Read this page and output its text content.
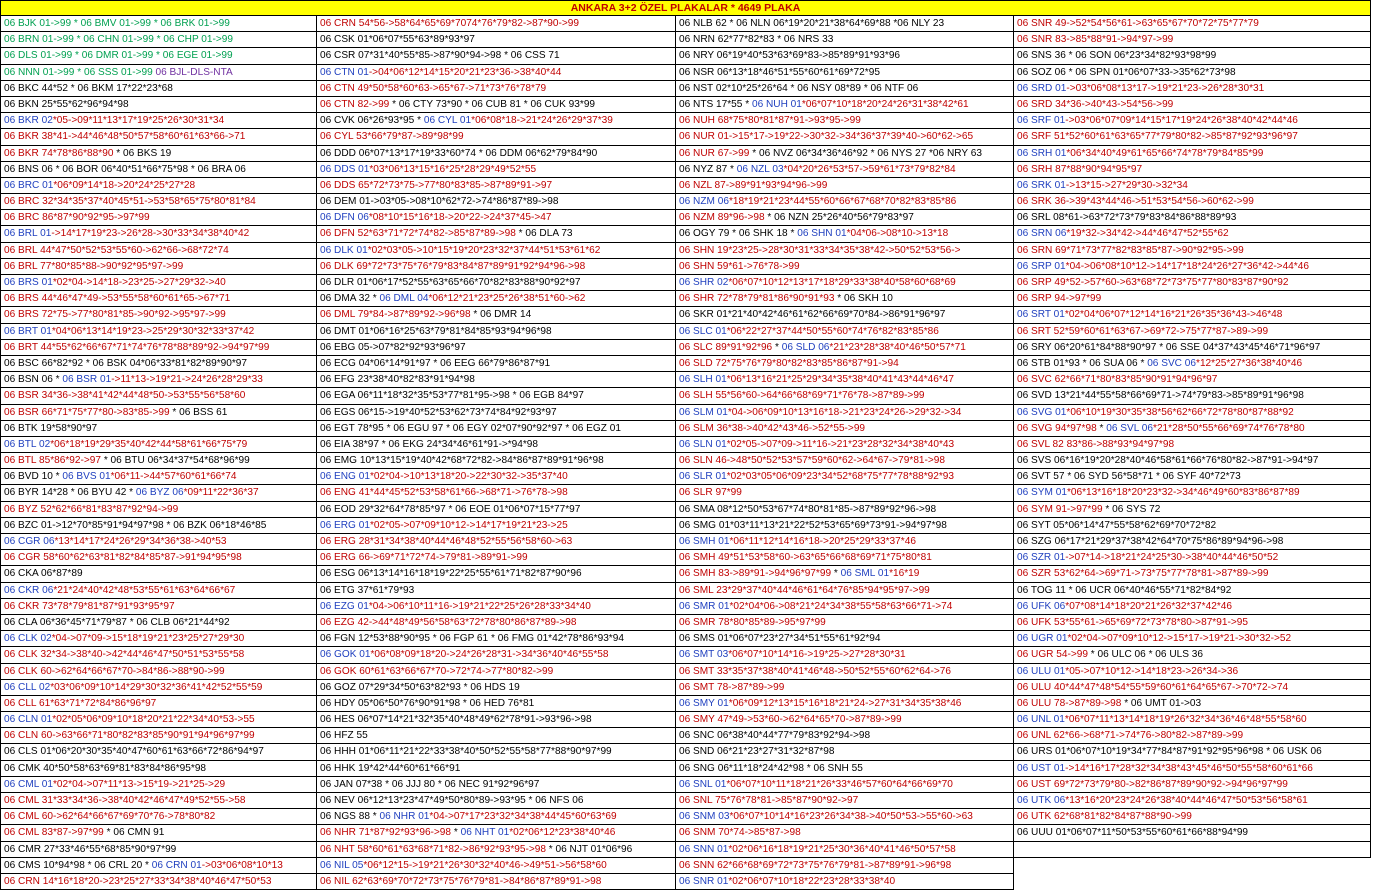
ANKARA 3+2 ÖZEL PLAKALAR * 4649 PLAKA
06 BJK 01->99 * 06 BMV 01->99 * 06 BRK 01->99
06 BRN 01->99 * 06 CHN 01->99 * 06 CHP 01->99
06 DLS 01->99 * 06 DMR 01->99 * 06 EGE 01->99
06 NNN 01->99 * 06 SSS 01->99 06 BJL-DLS-NTA
06 BKC 44*52 * 06 BKM 17*22*23*68
06 BKN 25*55*62*96*94*98
06 BKR 02*05->09*11*13*17*19*25*26*30*31*34
06 BKR 38*41->44*46*48*50*57*58*60*61*63*66->71
06 BKR 74*78*86*88*90 * 06 BKS 19
06 BNS 06 * 06 BOR 06*40*51*66*75*98 * 06 BRA 06
06 BRC 01*06*09*14*18->20*24*25*27*28
06 BRC 32*34*35*37*40*45*51->53*58*65*75*80*81*84
06 BRC 86*87*90*92*95->97*99
06 BRL 01->14*17*19*23->26*28->30*33*34*38*40*42
06 BRL 44*47*50*52*53*55*60->62*66->68*72*74
06 BRL 77*80*85*88->90*92*95*97->99
06 BRS 01*02*04->14*18->23*25->27*29*32->40
06 BRS 44*46*47*49->53*55*58*60*61*65->67*71
06 BRS 72*75->77*80*81*85->90*92->95*97->99
06 BRT 01*04*06*13*14*19*23->25*29*30*32*33*37*42
06 BRT 44*55*62*66*67*71*74*76*78*88*89*92->94*97*99
06 BSC 66*82*92 * 06 BSK 04*06*33*81*82*89*90*97
06 BSN 06 * 06 BSR 01->11*13->19*21->24*26*28*29*33
06 BSR 34*36->38*41*42*44*48*50->53*55*56*58*60
06 BSR 66*71*75*77*80->83*85->99 * 06 BSS 61
06 BTK 19*58*90*97
06 BTL 02*06*18*19*29*35*40*42*44*58*61*66*75*79
06 BTL 85*86*92->97 * 06 BTU 06*34*37*54*68*96*99
06 BVD 10 * 06 BVS 01*06*11->44*57*60*61*66*74
06 BYR 14*28 * 06 BYU 42 * 06 BYZ 06*09*11*22*36*37
06 BYZ 52*62*66*81*83*87*92*94->99
06 BZC 01->12*70*85*91*94*97*98 * 06 BZK 06*18*46*85
06 CGR 06*13*14*17*24*26*29*34*36*38->40*53
06 CGR 58*60*62*63*81*82*84*85*87->91*94*95*98
06 CKA 06*87*89
06 CKR 06*21*24*40*42*48*53*55*61*63*64*66*67
06 CKR 73*78*79*81*87*91*93*95*97
06 CLA 06*36*45*71*79*87 * 06 CLB 06*21*44*92
06 CLK 02*04->07*09->15*18*19*21*23*25*27*29*30
06 CLK 32*34->38*40->42*44*46*47*50*51*53*55*58
06 CLK 60->62*64*66*67*70->84*86->88*90->99
06 CLL 02*03*06*09*10*14*29*30*32*36*41*42*52*55*59
06 CLL 61*63*71*72*84*86*96*97
06 CLN 01*02*05*06*09*10*18*20*21*22*34*40*53->55
06 CLN 60->63*66*71*80*82*83*85*90*91*94*96*97*99
06 CLS 01*06*20*30*35*40*47*60*61*63*66*72*86*94*97
06 CMK 40*50*58*63*69*81*83*84*86*95*98
06 CML 01*02*04->07*11*13->15*19->21*25->29
06 CML 31*33*34*36->38*40*42*46*47*49*52*55->58
06 CML 60->62*64*66*67*69*70*76->78*80*82
06 CML 83*87->97*99 * 06 CMN 91
06 CMR 27*33*46*55*68*85*90*97*99
06 CMS 10*94*98 * 06 CRL 20 * 06 CRN 01->03*06*08*10*13
06 CRN 14*16*18*20->23*25*27*33*34*38*40*46*47*50*53
06 CRN 54*56->58*64*65*69*7074*76*79*82->87*90->99
06 CSK 01*06*07*55*63*89*93*97
06 CSR 07*31*40*55*85->87*90*94->98 * 06 CSS 71
06 CTN 01->04*06*12*14*15*20*21*23*36->38*40*44
06 CTN 49*50*58*60*63->65*67->71*73*76*78*79
06 CTN 82->99 * 06 CTY 73*90 * 06 CUB 81 * 06 CUK 93*99
06 CVK 06*26*93*95 * 06 CYL 01*06*08*18->21*24*26*29*37*39
06 CYL 53*66*79*87->89*98*99
06 DDD 06*07*13*17*19*33*60*74 * 06 DDM 06*62*79*84*90
06 DDS 01*03*06*13*15*16*25*28*29*49*52*55
06 DDS 65*72*73*75->77*80*83*85->87*89*91->97
06 DEM 01->03*05->08*10*62*72->74*86*87*89->98
06 DFN 06*08*10*15*16*18->20*22->24*37*45->47
06 DFN 52*63*71*72*74*82->85*87*89->98 * 06 DLA 73
06 DLK 01*02*03*05->10*15*19*20*23*32*37*44*51*53*61*62
06 DLK 69*72*73*75*76*79*83*84*87*89*91*92*94*96->98
06 DLR 01*06*17*52*55*63*65*66*70*82*83*88*90*92*97
06 DMA 32 * 06 DML 04*06*12*21*23*25*26*38*51*60->62
06 DML 79*84->87*89*92->96*98 * 06 DMR 14
06 DMT 01*06*16*25*63*79*81*84*85*93*94*96*98
06 EBG 05->07*82*92*93*96*97
06 ECG 04*06*14*91*97 * 06 EEG 66*79*86*87*91
06 EFG 23*38*40*82*83*91*94*98
06 EGA 06*11*18*32*35*53*77*81*95->98 * 06 EGB 84*97
06 EGS 06*15->19*40*52*53*62*73*74*84*92*93*97
06 EGT 78*95 * 06 EGU 97 * 06 EGY 02*07*90*92*97 * 06 EGZ 01
06 EIA 38*97 * 06 EKG 24*34*46*61*91->*94*98
06 EMG 10*13*15*19*40*42*68*72*82->84*86*87*89*91*96*98
06 ENG 01*02*04->10*13*18*20->22*30*32->35*37*40
06 ENG 41*44*45*52*53*58*61*66->68*71->76*78->98
06 EOD 29*32*64*78*85*97 * 06 EOE 01*06*07*15*77*97
06 ERG 01*02*05->07*09*10*12->14*17*19*21*23->25
06 ERG 28*31*34*38*40*44*46*48*52*55*56*58*60->63
06 ERG 66->69*71*72*74->79*81->89*91->99
06 ESG 06*13*14*16*18*19*22*25*55*61*71*82*87*90*96
06 ETG 37*61*79*93
06 EZG 01*04->06*10*11*16->19*21*22*25*26*28*33*34*40
06 EZG 42->44*48*49*56*58*63*72*78*80*86*87*89->98
06 FGN 12*53*88*90*95 * 06 FGP 61 * 06 FMG 01*42*78*86*93*94
06 GOK 01*06*08*09*18*20->24*26*28*31->34*36*40*46*55*58
06 GOK 60*61*63*66*67*70->72*74->77*80*82->99
06 GOZ 07*29*34*50*63*82*93 * 06 HDS 19
06 HDY 05*06*50*76*90*91*98 * 06 HED 76*81
06 HES 06*07*14*21*32*35*40*48*49*62*78*91->93*96->98
06 HFZ 55
06 HHH 01*06*11*21*22*33*38*40*50*52*55*58*77*88*90*97*99
06 HHK 19*42*44*60*61*66*91
06 JAN 07*38 * 06 JJJ 80 * 06 NEC 91*92*96*97
06 NEV 06*12*13*23*47*49*50*80*89->93*95 * 06 NFS 06
06 NGS 88 * 06 NHR 01*04->07*17*23*32*34*38*44*45*60*63*69
06 NHR 71*87*92*93*96->98 * 06 NHT 01*02*06*12*23*38*40*46
06 NHT 58*60*61*63*68*71*82->86*92*93*95->98 * 06 NJT 01*06*96
06 NIL 05*06*12*15->19*21*26*30*32*40*46->49*51->56*58*60
06 NIL 62*63*69*70*72*73*75*76*79*81->84*86*87*89*91->98
06 NLB 62 * 06 NLN 06*19*20*21*38*64*69*88 *06 NLY 23
06 NRN 62*77*82*83 * 06 NRS 33
06 NRY 06*19*40*53*63*69*83->85*89*91*93*96
06 NSR 06*13*18*46*51*55*60*61*69*72*95
06 NST 02*10*25*26*64 * 06 NSY 08*89 * 06 NTF 06
06 NTS 17*55 * 06 NUH 01*06*07*10*18*20*24*26*31*38*42*61
06 NUH 68*75*80*81*87*91->93*95->99
06 NUR 01->15*17->19*22->30*32->34*36*37*39*40->60*62->65
06 NUR 67->99 * 06 NVZ 06*34*36*46*92 * 06 NYS 27 *06 NRY 63
06 NYZ 87 * 06 NZL 03*04*20*26*53*57->59*61*73*79*82*84
06 NZL 87->89*91*93*94*96->99
06 NZM 06*18*19*21*23*44*55*60*66*67*68*70*82*83*85*86
06 NZM 89*96->98 * 06 NZN 25*26*40*56*79*83*97
06 OGY 79 * 06 SHK 18 * 06 SHN 01*04*06->08*10->13*18
06 SHN 19*23*25->28*30*31*33*34*35*38*42->50*52*53*56->
06 SHN 59*61->76*78->99
06 SHR 02*06*07*10*12*13*17*18*29*33*38*40*58*60*68*69
06 SHR 72*78*79*81*86*90*91*93 * 06 SKH 10
06 SKR 01*21*40*42*46*61*62*66*69*70*84->86*91*96*97
06 SLC 01*06*22*27*37*44*50*55*60*74*76*82*83*85*86
06 SLC 89*91*92*96 * 06 SLD 06*21*23*28*38*40*46*50*57*71
06 SLD 72*75*76*79*80*82*83*85*86*87*91->94
06 SLH 01*06*13*16*21*25*29*34*35*38*40*41*43*44*46*47
06 SLH 55*56*60->64*66*68*69*71*76*78->87*89->99
06 SLM 01*04->06*09*10*13*16*18->21*23*24*26->29*32->34
06 SLM 36*38->40*42*43*46->52*55->99
06 SLN 01*02*05->07*09->11*16->21*23*28*32*34*38*40*43
06 SLN 46->48*50*52*53*57*59*60*62->64*67->79*81->98
06 SLR 01*02*03*05*06*09*23*34*52*68*75*77*78*88*92*93
06 SLR 97*99
06 SMA 08*12*50*53*67*74*80*81*85->87*89*92*96->98
06 SMG 01*03*11*13*21*22*52*53*65*69*73*91->94*97*98
06 SMH 01*06*11*12*14*16*18->20*25*29*33*37*46
06 SMH 49*51*53*58*60->63*65*66*68*69*71*75*80*81
06 SMH 83->89*91->94*96*97*99 * 06 SML 01*16*19
06 SML 23*29*37*40*44*46*61*64*76*85*94*95*97->99
06 SMR 01*02*04*06->08*21*24*34*38*55*58*63*66*71->74
06 SMR 78*80*85*89->95*97*99
06 SMS 01*06*07*23*27*34*51*55*61*92*94
06 SMT 03*06*07*10*14*16->19*25->27*28*30*31
06 SMT 33*35*37*38*40*41*46*48->50*52*55*60*62*64->76
06 SMT 78->87*89->99
06 SMY 01*06*09*12*13*15*16*18*21*24->27*31*34*35*38*46
06 SMY 47*49->53*60->62*64*65*70->87*89->99
06 SNC 06*38*40*44*77*79*83*92*94->98
06 SND 06*21*23*27*31*32*87*98
06 SNG 06*11*18*24*42*98 * 06 SNH 55
06 SNL 01*06*07*10*11*18*21*26*33*46*57*60*64*66*69*70
06 SNL 75*76*78*81->85*87*90*92->97
06 SNM 03*06*07*10*14*16*23*26*34*38->40*50*53->55*60->63
06 SNM 70*74->85*87->98
06 SNN 01*02*06*16*18*19*21*25*30*36*40*41*46*50*57*58
06 SNN 62*66*68*69*72*73*75*76*79*81->87*89*91->96*98
06 SNR 01*02*06*07*10*18*22*23*28*33*38*40
06 SNR 49->52*54*56*61->63*65*67*70*72*75*77*79
06 SNR 83->85*88*91->94*97->99
06 SNS 36 * 06 SON 06*23*34*82*93*98*99
06 SOZ 06 * 06 SPN 01*06*07*33->35*62*73*98
06 SRD 01->03*06*08*13*17->19*21*23->26*28*30*31
06 SRD 34*36->40*43->54*56->99
06 SRF 01->03*06*07*09*14*15*17*19*24*26*38*40*42*44*46
06 SRF 51*52*60*61*63*65*77*79*80*82->85*87*92*93*96*97
06 SRH 01*06*34*40*49*61*65*66*74*78*79*84*85*99
06 SRH 87*88*90*94*95*97
06 SRK 01->13*15->27*29*30->32*34
06 SRK 36->39*43*44*46->51*53*54*56->60*62->99
06 SRL 08*61->63*72*73*79*83*84*86*88*89*93
06 SRN 06*19*32->34*42->44*46*47*52*55*62
06 SRN 69*71*73*77*82*83*85*87->90*92*95->99
06 SRP 01*04->06*08*10*12->14*17*18*24*26*27*36*42->44*46
06 SRP 49*52->57*60->63*68*72*73*75*77*80*83*87*90*92
06 SRP 94->97*99
06 SRT 01*02*04*06*07*12*14*16*21*26*35*36*43->46*48
06 SRT 52*59*60*61*63*67->69*72->75*77*87->89->99
06 SRY 06*20*61*84*88*90*97 * 06 SSE 04*37*43*45*46*71*96*97
06 STB 01*93 * 06 SUA 06 * 06 SVC 06*12*25*27*36*38*40*46
06 SVC 62*66*71*80*83*85*90*91*94*96*97
06 SVD 13*21*44*55*58*66*69*71->74*79*83->85*89*91*96*98
06 SVG 01*06*10*19*30*35*38*56*62*66*72*78*80*87*88*92
06 SVG 94*97*98 * 06 SVL 06*21*28*50*55*66*69*74*76*78*80
06 SVL 82 83*86->88*93*94*97*98
06 SVS 06*16*19*20*28*40*46*58*61*66*76*80*82->87*91->94*97
06 SVT 57 * 06 SYD 56*58*71 * 06 SYF 40*72*73
06 SYM 01*06*13*16*18*20*23*32->34*46*49*60*83*86*87*89
06 SYM 91->97*99 * 06 SYS 72
06 SYT 05*06*14*47*55*58*62*69*70*72*82
06 SZG 06*17*21*29*37*38*42*64*70*75*86*89*94*96->98
06 SZR 01->07*14->18*21*24*25*30->38*40*44*46*50*52
06 SZR 53*62*64->69*71->73*75*77*78*81->87*89->99
06 TOG 11 * 06 UCR 06*40*46*55*71*82*84*92
06 UFK 06*07*08*14*18*20*21*26*32*37*42*46
06 UFK 53*55*61->65*69*72*73*78*80->87*91->95
06 UGR 01*02*04->07*09*10*12->15*17->19*21->30*32->52
06 UGR 54->99 * 06 ULC 06 * 06 ULS 36
06 ULU 01*05->07*10*12->14*18*23->26*34->36
06 ULU 40*44*47*48*54*55*59*60*61*64*65*67->70*72->74
06 ULU 78->87*89->98 * 06 UMT 01->03
06 UNL 01*06*07*11*13*14*18*19*26*32*34*36*46*48*55*58*60
06 UNL 62*66->68*71->74*76->80*82->87*89->99
06 URS 01*06*07*10*19*34*77*84*87*91*92*95*96*98 * 06 USK 06
06 UST 01->14*16*17*28*32*34*38*43*45*46*50*55*58*60*61*66
06 UST 69*72*73*79*80->82*86*87*89*90*92->94*96*97*99
06 UTK 06*13*16*20*23*24*26*38*40*44*46*47*50*53*56*58*61
06 UTK 62*68*81*82*84*87*88*90->99
06 UUU 01*06*07*11*50*53*55*60*61*66*88*94*99
